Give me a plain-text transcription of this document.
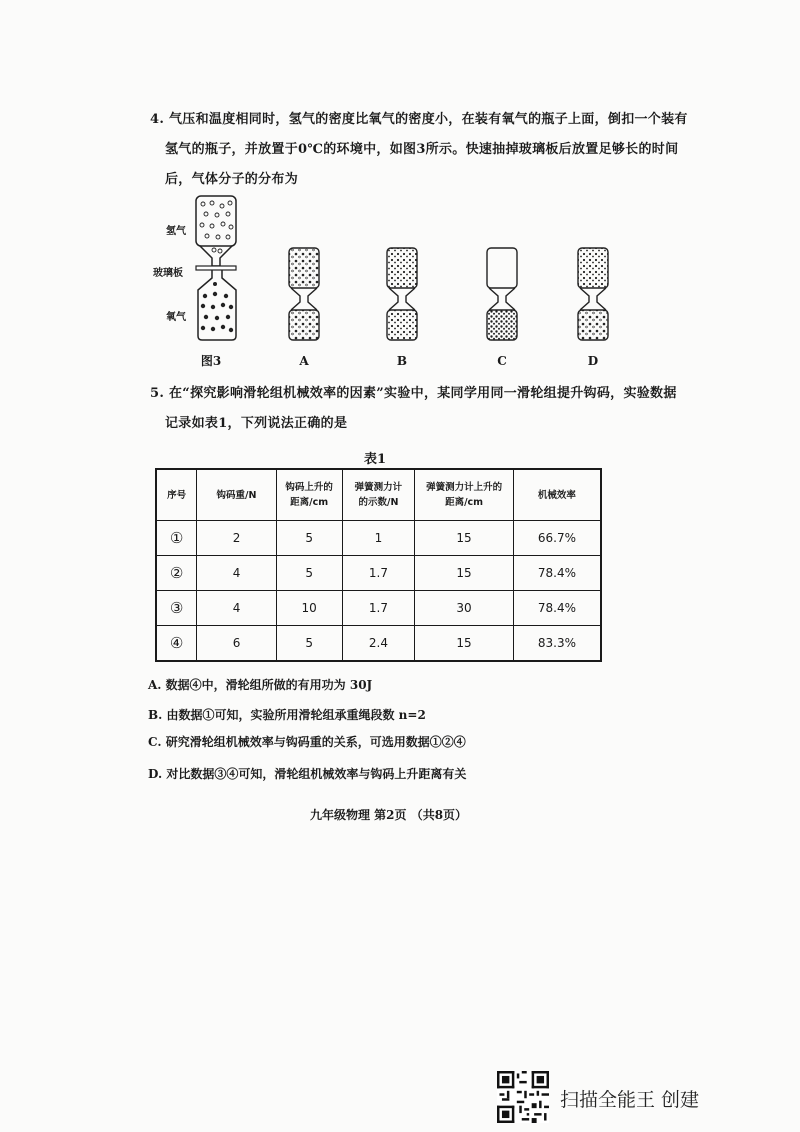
4. 气压和温度相同时，氢气的密度比氧气的密度小，在装有氧气的瓶子上面，倒扣一个装有
氢气的瓶子，并放置于0℃的环境中，如图3所示。快速抽掉玻璃板后放置足够长的时间
后，气体分子的分布为
氢气
玻璃板
氧气
图3	A	B	C	D
5. 在“探究影响滑轮组机械效率的因素”实验中，某同学用同一滑轮组提升钩码，实验数据
记录如表1，下列说法正确的是
表1
序号	钩码重/N	钩码上升的距离/cm	弹簧测力计的示数/N	弹簧测力计上升的距离/cm	机械效率
①	2	5	1	15	66.7%
②	4	5	1.7	15	78.4%
③	4	10	1.7	30	78.4%
④	6	5	2.4	15	83.3%
A. 数据④中，滑轮组所做的有用功为 30J
B. 由数据①可知，实验所用滑轮组承重绳段数 n=2
C. 研究滑轮组机械效率与钩码重的关系，可选用数据①②④
D. 对比数据③④可知，滑轮组机械效率与钩码上升距离有关
九年级物理 第2页 （共8页）
扫描全能王 创建
